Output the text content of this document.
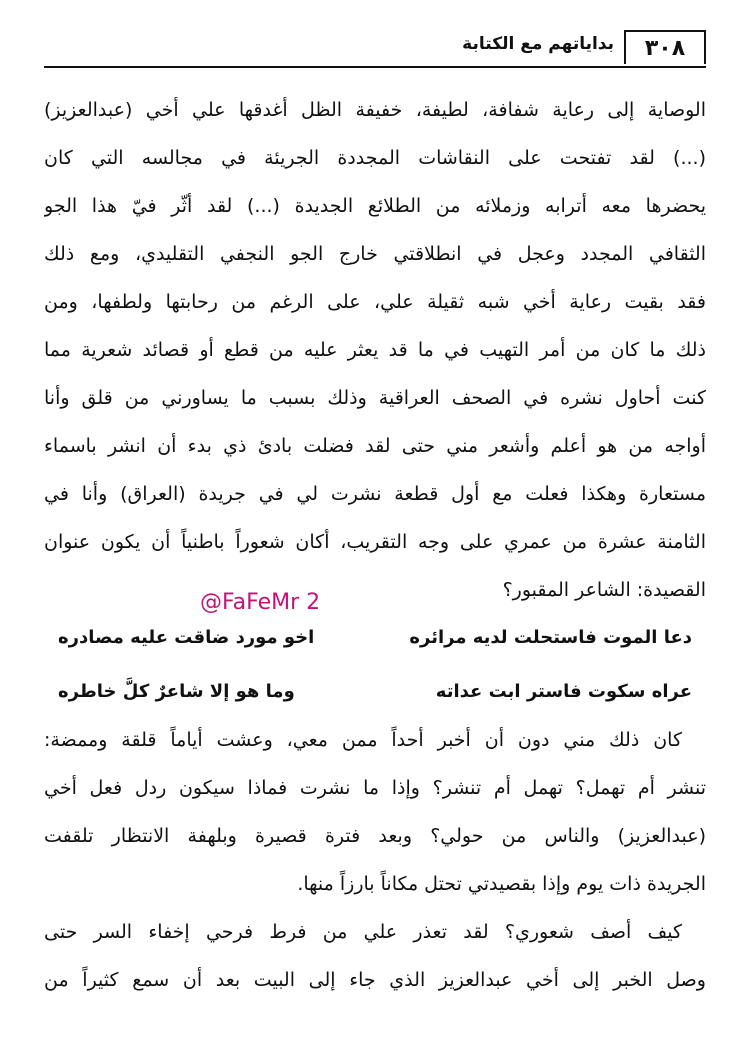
بداياتهم مع الكتابة	٣٠٨
الوصاية إلى رعاية شفافة، لطيفة، خفيفة الظل أغدقها علي أخي (عبدالعزيز)
(...) لقد تفتحت على النقاشات المجددة الجريئة في مجالسه التي كان
يحضرها معه أترابه وزملائه من الطلائع الجديدة (...) لقد أثّر فيّ هذا الجو
الثقافي المجدد وعجل في انطلاقتي خارج الجو النجفي التقليدي، ومع ذلك
فقد بقيت رعاية أخي شبه ثقيلة علي، على الرغم من رحابتها ولطفها، ومن
ذلك ما كان من أمر التهيب في ما قد يعثر عليه من قطع أو قصائد شعرية مما
كنت أحاول نشره في الصحف العراقية وذلك بسبب ما يساورني من قلق وأنا
أواجه من هو أعلم وأشعر مني حتى لقد فضلت بادئ ذي بدء أن انشر باسماء
مستعارة وهكذا فعلت مع أول قطعة نشرت لي في جريدة (العراق) وأنا في
الثامنة عشرة من عمري على وجه التقريب، أكان شعوراً باطنياً أن يكون عنوان
القصيدة: الشاعر المقبور؟
دعا الموت فاستحلت لديه مرائره
اخو مورد ضاقت عليه مصادره
عراه سكوت فاستر ابت عداته
وما هو إلا شاعرٌ كلَّ خاطره
كان ذلك مني دون أن أخبر أحداً ممن معي، وعشت أياماً قلقة وممضة:
تنشر أم تهمل؟ تهمل أم تنشر؟ وإذا ما نشرت فماذا سيكون ردل فعل أخي
(عبدالعزيز) والناس من حولي؟ وبعد فترة قصيرة وبلهفة الانتظار تلقفت
الجريدة ذات يوم وإذا بقصيدتي تحتل مكاناً بارزاً منها.
كيف أصف شعوري؟ لقد تعذر علي من فرط فرحي إخفاء السر حتى
وصل الخبر إلى أخي عبدالعزيز الذي جاء إلى البيت بعد أن سمع كثيراً من
@FaFeMr 2
